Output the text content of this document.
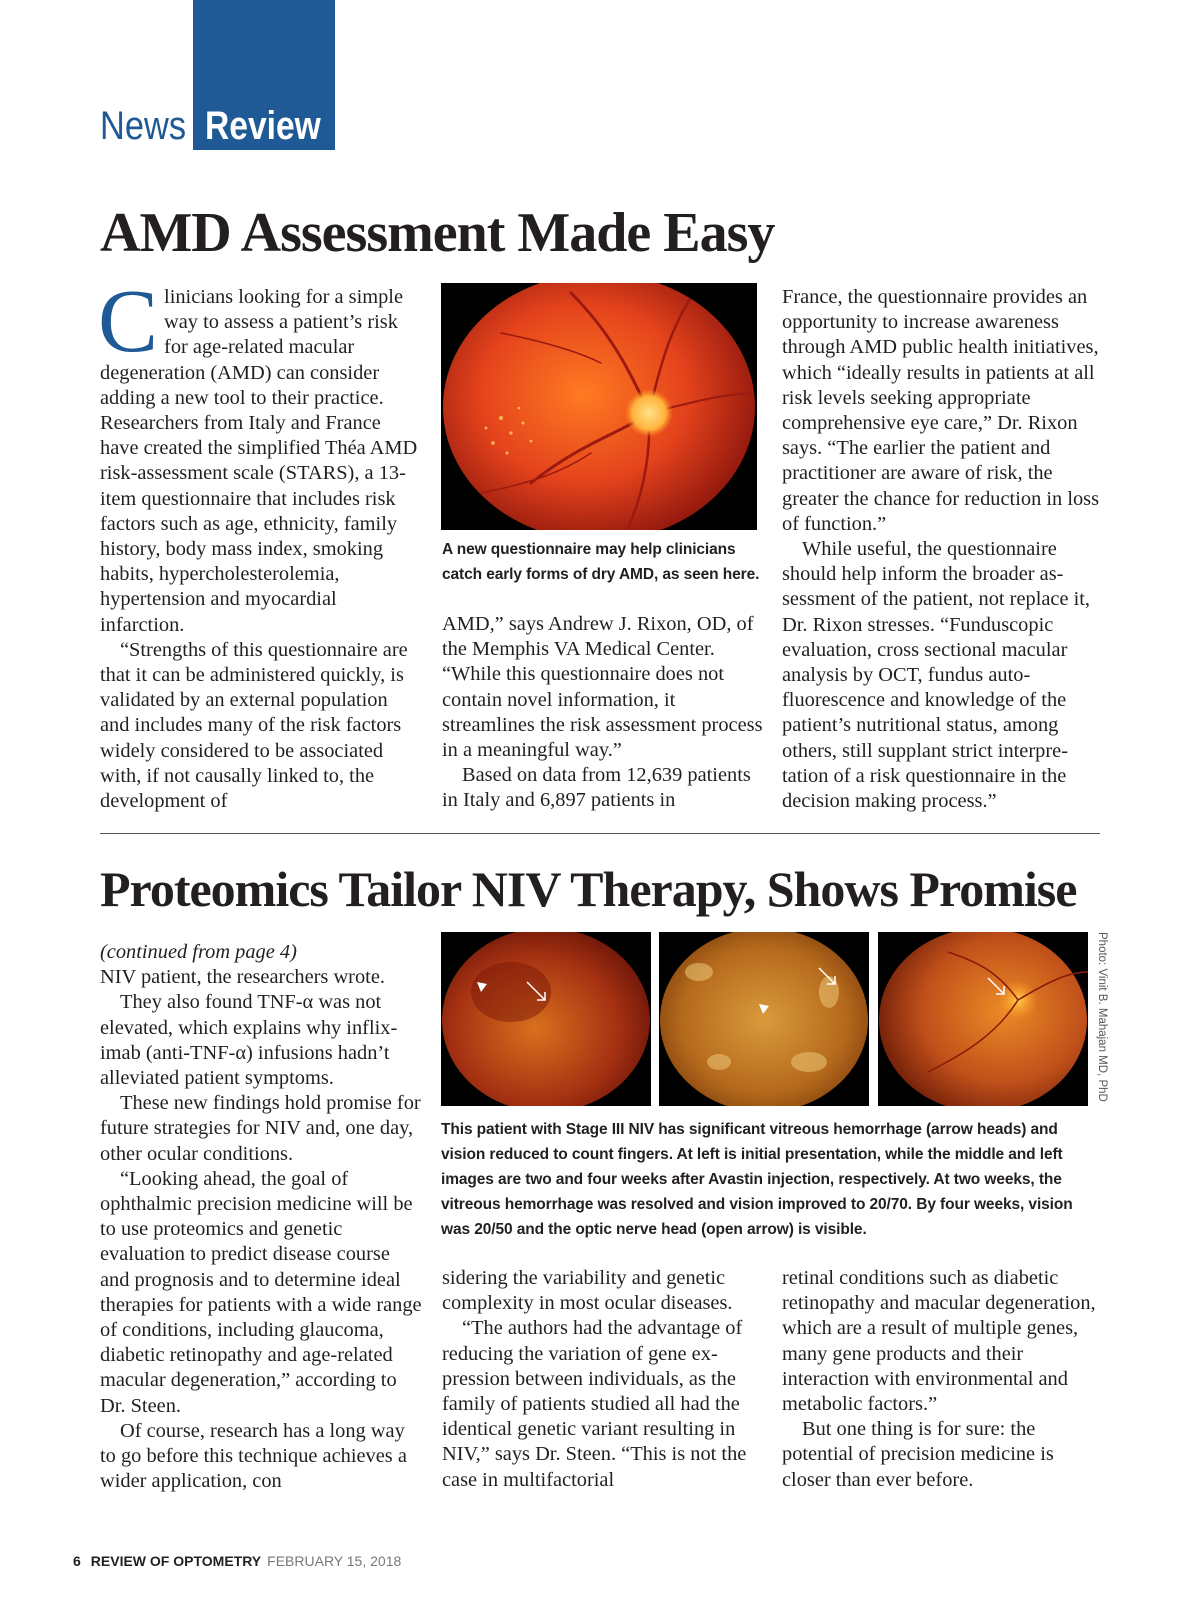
News Review
AMD Assessment Made Easy

Clinicians looking for a simple way to assess a patient’s risk for age-related macular degeneration (AMD) can consider adding a new tool to their practice. Researchers from Italy and France have created the simplified Théa AMD risk-assessment scale (STARS), a 13-item questionnaire that includes risk factors such as age, ethnicity, family history, body mass index, smoking habits, hypercholesterolemia, hypertension and myocardial infarction.

“Strengths of this questionnaire are that it can be administered quickly, is validated by an external population and includes many of the risk factors widely considered to be associated with, if not causally linked to, the development of

A new questionnaire may help clinicians catch early forms of dry AMD, as seen here.

AMD,” says Andrew J. Rixon, OD, of the Memphis VA Medical Center. “While this questionnaire does not contain novel information, it streamlines the risk assessment process in a meaningful way.”

Based on data from 12,639 patients in Italy and 6,897 patients in

France, the questionnaire provides an opportunity to increase awareness through AMD public health initiatives, which “ideally results in patients at all risk levels seeking appropriate comprehensive eye care,” Dr. Rixon says. “The earlier the patient and practitioner are aware of risk, the greater the chance for reduction in loss of function.”

While useful, the questionnaire should help inform the broader assessment of the patient, not replace it, Dr. Rixon stresses. “Funduscopic evaluation, cross sectional macular analysis by OCT, fundus autofluorescence and knowledge of the patient’s nutritional status, among others, still supplant strict interpretation of a risk questionnaire in the decision making process.”

Proteomics Tailor NIV Therapy, Shows Promise

(continued from page 4)

NIV patient, the researchers wrote.

They also found TNF-α was not elevated, which explains why infliximab (anti-TNF-α) infusions hadn’t alleviated patient symptoms.

These new findings hold promise for future strategies for NIV and, one day, other ocular conditions.

“Looking ahead, the goal of ophthalmic precision medicine will be to use proteomics and genetic evaluation to predict disease course and prognosis and to determine ideal therapies for patients with a wide range of conditions, including glaucoma, diabetic retinopathy and age-related macular degeneration,” according to Dr. Steen.

Of course, research has a long way to go before this technique achieves a wider application, con

Photo: Vinit B. Mahajan MD, PhD

This patient with Stage III NIV has significant vitreous hemorrhage (arrow heads) and vision reduced to count fingers. At left is initial presentation, while the middle and left images are two and four weeks after Avastin injection, respectively. At two weeks, the vitreous hemorrhage was resolved and vision improved to 20/70. By four weeks, vision was 20/50 and the optic nerve head (open arrow) is visible.

sidering the variability and genetic complexity in most ocular diseases.

“The authors had the advantage of reducing the variation of gene expression between individuals, as the family of patients studied all had the identical genetic variant resulting in NIV,” says Dr. Steen. “This is not the case in multifactorial

retinal conditions such as diabetic retinopathy and macular degeneration, which are a result of multiple genes, many gene products and their interaction with environmental and metabolic factors.”

But one thing is for sure: the potential of precision medicine is closer than ever before.

6 REVIEW OF OPTOMETRY FEBRUARY 15, 2018
